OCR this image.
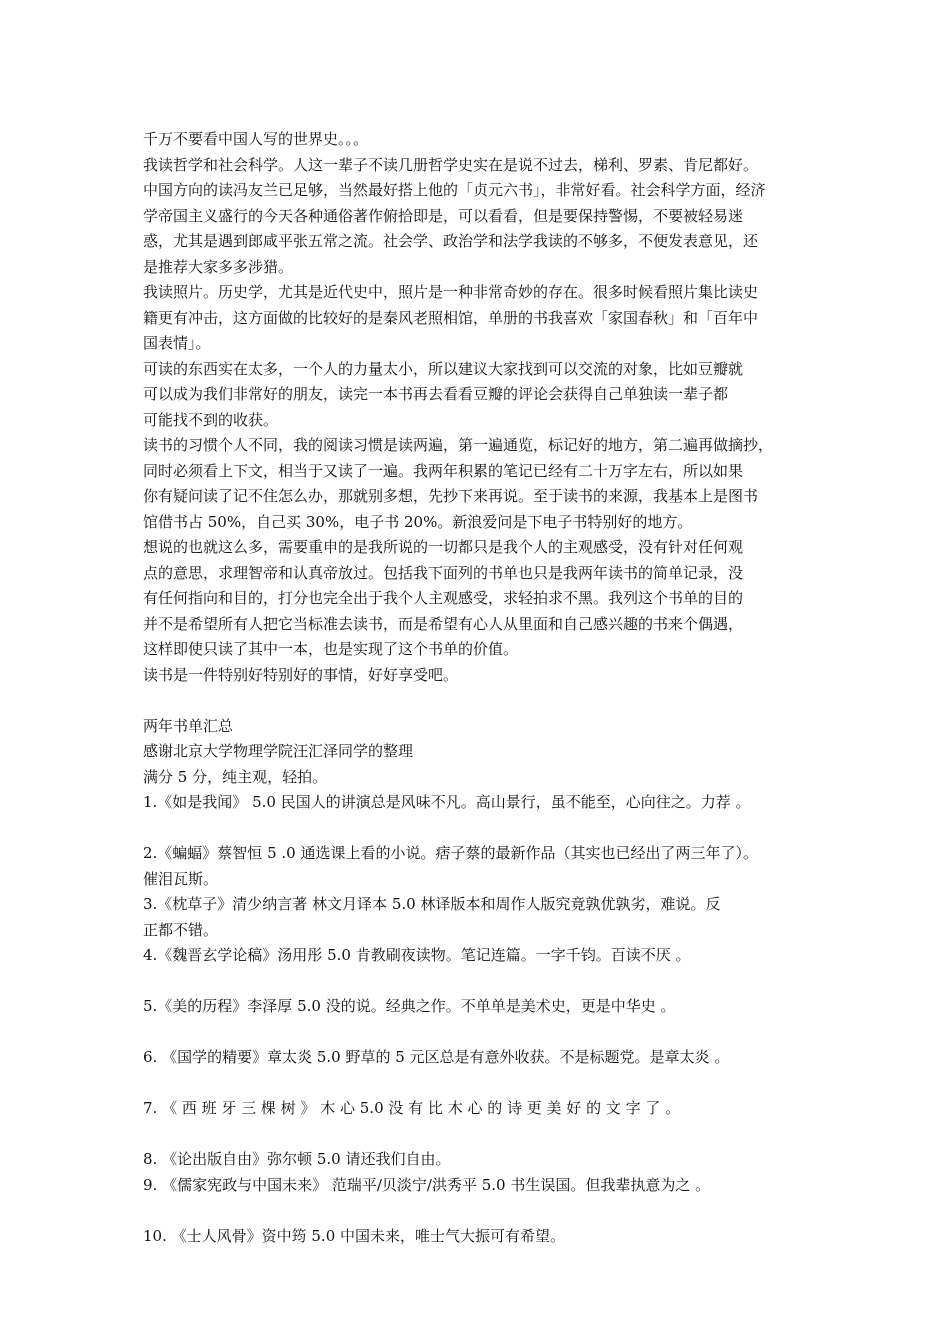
千万不要看中国人写的世界史。。。
我读哲学和社会科学。人这一辈子不读几册哲学史实在是说不过去，梯利、罗素、肯尼都好。
中国方向的读冯友兰已足够，当然最好搭上他的「贞元六书」，非常好看。社会科学方面，经济
学帝国主义盛行的今天各种通俗著作俯拾即是，可以看看，但是要保持警惕，不要被轻易迷
惑，尤其是遇到郎咸平张五常之流。社会学、政治学和法学我读的不够多，不便发表意见，还
是推荐大家多多涉猎。
我读照片。历史学，尤其是近代史中，照片是一种非常奇妙的存在。很多时候看照片集比读史
籍更有冲击，这方面做的比较好的是秦风老照相馆，单册的书我喜欢「家国春秋」和「百年中
国表情」。
可读的东西实在太多，一个人的力量太小，所以建议大家找到可以交流的对象，比如豆瓣就
可以成为我们非常好的朋友，读完一本书再去看看豆瓣的评论会获得自己单独读一辈子都
可能找不到的收获。
读书的习惯个人不同，我的阅读习惯是读两遍，第一遍通览，标记好的地方，第二遍再做摘抄，
同时必须看上下文，相当于又读了一遍。我两年积累的笔记已经有二十万字左右，所以如果
你有疑问读了记不住怎么办，那就别多想，先抄下来再说。至于读书的来源，我基本上是图书
馆借书占 50%，自己买 30%，电子书 20%。新浪爱问是下电子书特别好的地方。
想说的也就这么多，需要重申的是我所说的一切都只是我个人的主观感受，没有针对任何观
点的意思，求理智帝和认真帝放过。包括我下面列的书单也只是我两年读书的简单记录，没
有任何指向和目的，打分也完全出于我个人主观感受，求轻拍求不黑。我列这个书单的目的
并不是希望所有人把它当标准去读书，而是希望有心人从里面和自己感兴趣的书来个偶遇，
这样即使只读了其中一本，也是实现了这个书单的价值。
读书是一件特别好特别好的事情，好好享受吧。
两年书单汇总
感谢北京大学物理学院汪汇泽同学的整理
满分 5 分，纯主观，轻拍。
1.《如是我闻》 5.0 民国人的讲演总是风味不凡。高山景行，虽不能至，心向往之。力荐 。
2.《蝙蝠》蔡智恒 5 .0 通选课上看的小说。痞子蔡的最新作品（其实也已经出了两三年了）。
催泪瓦斯。
3.《枕草子》清少纳言著 林文月译本 5.0 林译版本和周作人版究竟孰优孰劣，难说。反
正都不错。
4.《魏晋玄学论稿》汤用彤 5.0 肯教刷夜读物。笔记连篇。一字千钧。百读不厌 。
5.《美的历程》李泽厚 5.0 没的说。经典之作。不单单是美术史，更是中华史 。
6. 《国学的精要》章太炎 5.0 野草的 5 元区总是有意外收获。不是标题党。是章太炎 。
7. 《 西 班 牙 三 棵 树 》 木 心 5.0 没 有 比 木 心 的 诗 更 美 好 的 文 字 了 。
8. 《论出版自由》弥尔顿 5.0 请还我们自由。
9. 《儒家宪政与中国未来》 范瑞平/贝淡宁/洪秀平 5.0 书生误国。但我辈执意为之 。
10. 《士人风骨》资中筠 5.0 中国未来，唯士气大振可有希望。
